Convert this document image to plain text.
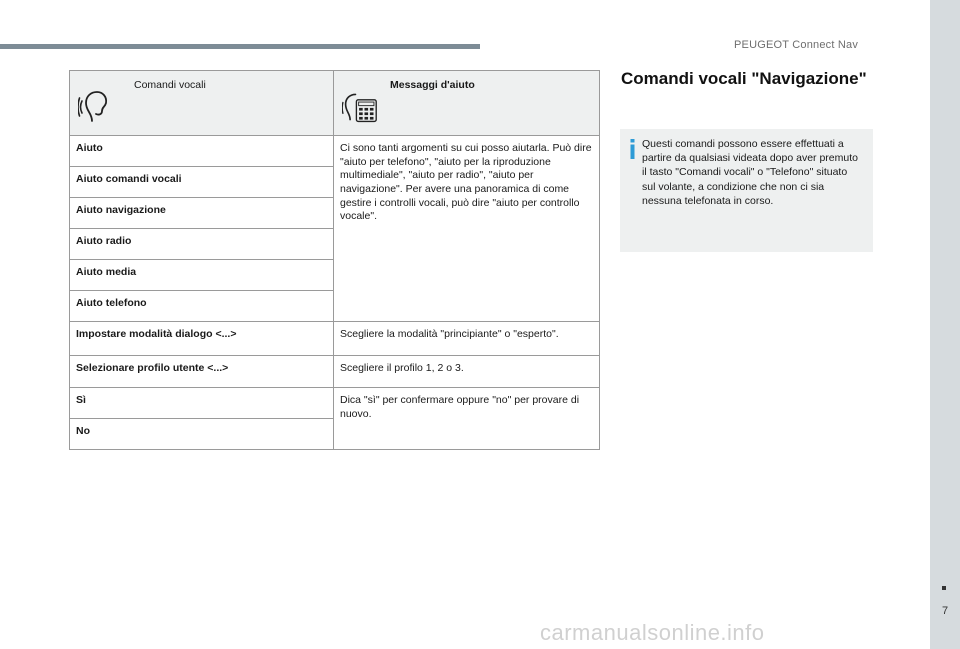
PEUGEOT Connect Nav
Comandi vocali	Messaggi d'aiuto

Aiuto	Ci sono tanti argomenti su cui posso aiutarla. Può dire "aiuto per telefono", "aiuto per la riproduzione multimediale", "aiuto per radio", "aiuto per navigazione". Per avere una panoramica di come gestire i controlli vocali, può dire "aiuto per controllo vocale".
Aiuto comandi vocali	
Aiuto navigazione	
Aiuto radio	
Aiuto media	
Aiuto telefono	
Impostare modalità dialogo <...>	Scegliere la modalità "principiante" o "esperto".
Selezionare profilo utente <...>	Scegliere il profilo 1, 2 o 3.
Sì	Dica "sì" per confermare oppure "no" per provare di nuovo.
No	
Comandi vocali "Navigazione"

Questi comandi possono essere effettuati a partire da qualsiasi videata dopo aver premuto il tasto "Comandi vocali" o "Telefono" situato sul volante, a condizione che non ci sia nessuna telefonata in corso.

7
carmanualsonline.info
